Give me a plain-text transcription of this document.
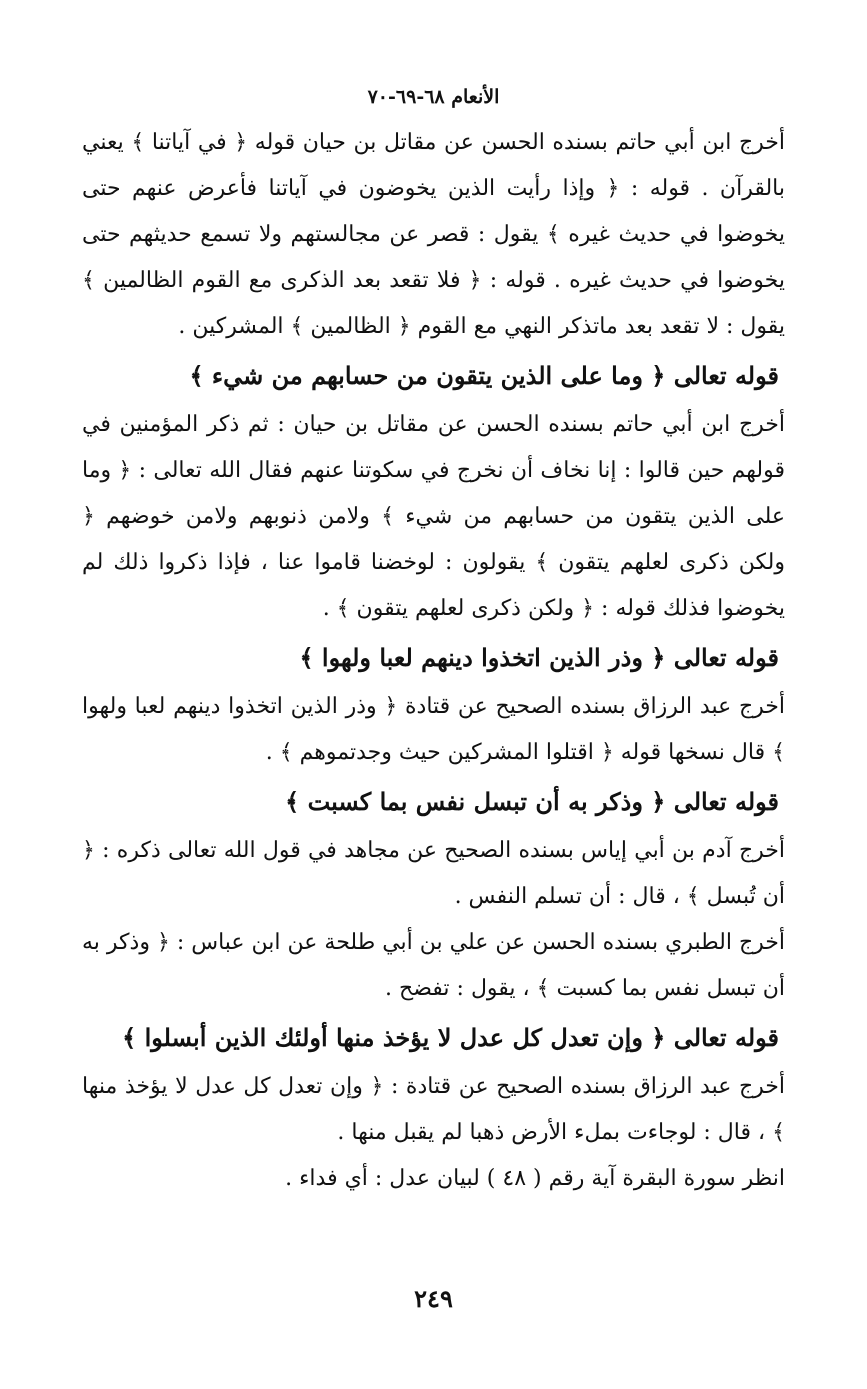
الأنعام ٦٨-٦٩-٧٠

أخرج ابن أبي حاتم بسنده الحسن عن مقاتل بن حيان قوله ﴿ في آياتنا ﴾ يعني بالقرآن . قوله : ﴿ وإذا رأيت الذين يخوضون في آياتنا فأعرض عنهم حتى يخوضوا في حديث غيره ﴾ يقول : قصر عن مجالستهم ولا تسمع حديثهم حتى يخوضوا في حديث غيره . قوله : ﴿ فلا تقعد بعد الذكرى مع القوم الظالمين ﴾ يقول : لا تقعد بعد ماتذكر النهي مع القوم ﴿ الظالمين ﴾ المشركين .

قوله تعالى ﴿ وما على الذين يتقون من حسابهم من شيء ﴾

أخرج ابن أبي حاتم بسنده الحسن عن مقاتل بن حيان : ثم ذكر المؤمنين في قولهم حين قالوا : إنا نخاف أن نخرج في سكوتنا عنهم فقال الله تعالى : ﴿ وما على الذين يتقون من حسابهم من شيء ﴾ ولامن ذنوبهم ولامن خوضهم ﴿ ولكن ذكرى لعلهم يتقون ﴾ يقولون : لوخضنا قاموا عنا ، فإذا ذكروا ذلك لم يخوضوا فذلك قوله : ﴿ ولكن ذكرى لعلهم يتقون ﴾ .

قوله تعالى ﴿ وذر الذين اتخذوا دينهم لعبا ولهوا ﴾

أخرج عبد الرزاق بسنده الصحيح عن قتادة ﴿ وذر الذين اتخذوا دينهم لعبا ولهوا ﴾ قال نسخها قوله ﴿ اقتلوا المشركين حيث وجدتموهم ﴾ .

قوله تعالى ﴿ وذكر به أن تبسل نفس بما كسبت ﴾

أخرج آدم بن أبي إياس بسنده الصحيح عن مجاهد في قول الله تعالى ذكره : ﴿ أن تُبسل ﴾ ، قال : أن تسلم النفس .

أخرج الطبري بسنده الحسن عن علي بن أبي طلحة عن ابن عباس : ﴿ وذكر به أن تبسل نفس بما كسبت ﴾ ، يقول : تفضح .

قوله تعالى ﴿ وإن تعدل كل عدل لا يؤخذ منها أولئك الذين أبسلوا ﴾

أخرج عبد الرزاق بسنده الصحيح عن قتادة : ﴿ وإن تعدل كل عدل لا يؤخذ منها ﴾ ، قال : لوجاءت بملء الأرض ذهبا لم يقبل منها .

انظر سورة البقرة آية رقم ( ٤٨ ) لبيان عدل : أي فداء .

٢٤٩
